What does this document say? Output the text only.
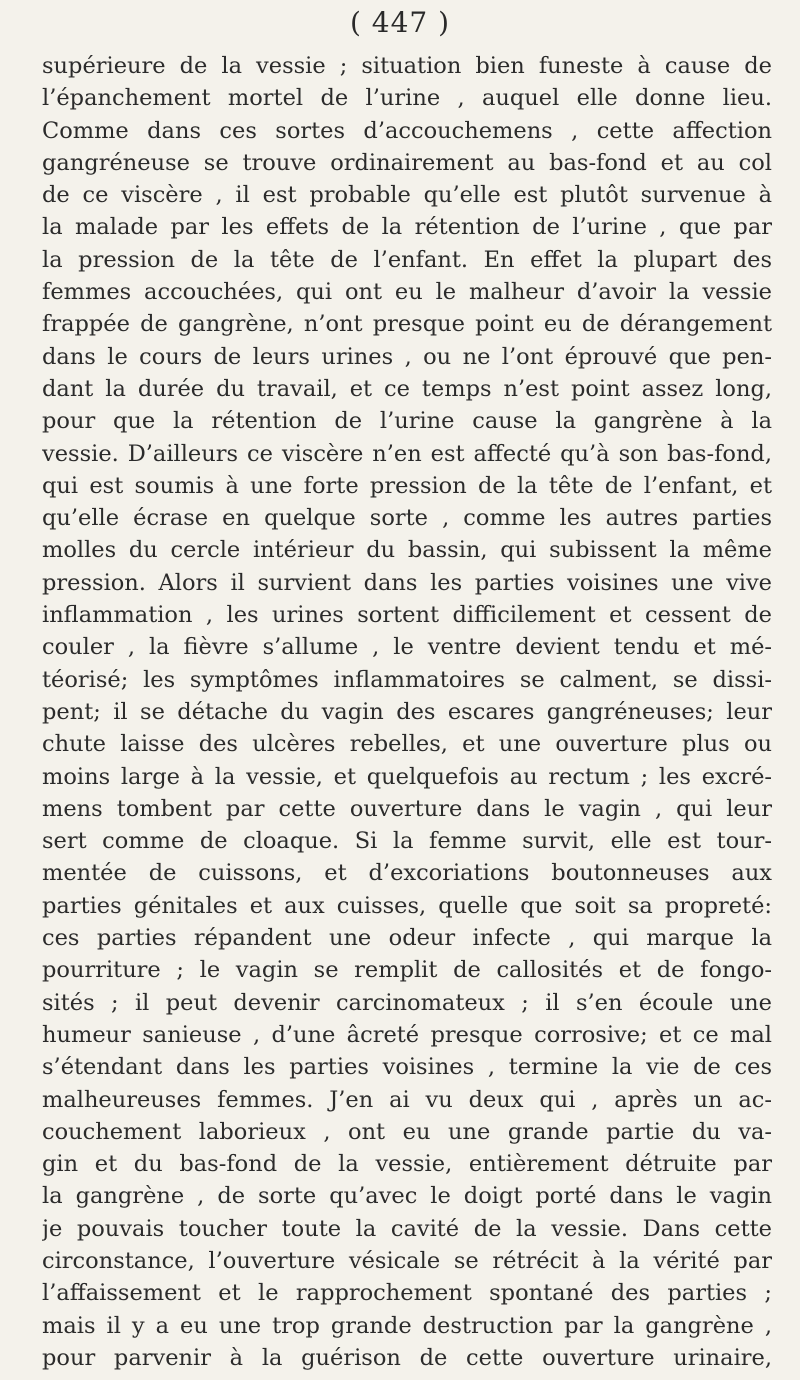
( 447 )
supérieure de la vessie ; situation bien funeste à cause de
l’épanchement mortel de l’urine , auquel elle donne lieu.
Comme dans ces sortes d’accouchemens , cette affection
gangréneuse se trouve ordinairement au bas-fond et au col
de ce viscère , il est probable qu’elle est plutôt survenue à
la malade par les effets de la rétention de l’urine , que par
la pression de la tête de l’enfant. En effet la plupart des
femmes accouchées, qui ont eu le malheur d’avoir la vessie
frappée de gangrène, n’ont presque point eu de dérangement
dans le cours de leurs urines , ou ne l’ont éprouvé que pen-
dant la durée du travail, et ce temps n’est point assez long,
pour que la rétention de l’urine cause la gangrène à la
vessie. D’ailleurs ce viscère n’en est affecté qu’à son bas-fond,
qui est soumis à une forte pression de la tête de l’enfant, et
qu’elle écrase en quelque sorte , comme les autres parties
molles du cercle intérieur du bassin, qui subissent la même
pression. Alors il survient dans les parties voisines une vive
inflammation , les urines sortent difficilement et cessent de
couler , la fièvre s’allume , le ventre devient tendu et mé-
téorisé; les symptômes inflammatoires se calment, se dissi-
pent; il se détache du vagin des escares gangréneuses; leur
chute laisse des ulcères rebelles, et une ouverture plus ou
moins large à la vessie, et quelquefois au rectum ; les excré-
mens tombent par cette ouverture dans le vagin , qui leur
sert comme de cloaque. Si la femme survit, elle est tour-
mentée de cuissons, et d’excoriations boutonneuses aux
parties génitales et aux cuisses, quelle que soit sa propreté:
ces parties répandent une odeur infecte , qui marque la
pourriture ; le vagin se remplit de callosités et de fongo-
sités ; il peut devenir carcinomateux ; il s’en écoule une
humeur sanieuse , d’une âcreté presque corrosive; et ce mal
s’étendant dans les parties voisines , termine la vie de ces
malheureuses femmes. J’en ai vu deux qui , après un ac-
couchement laborieux , ont eu une grande partie du va-
gin et du bas-fond de la vessie, entièrement détruite par
la gangrène , de sorte qu’avec le doigt porté dans le vagin
je pouvais toucher toute la cavité de la vessie. Dans cette
circonstance, l’ouverture vésicale se rétrécit à la vérité par
l’affaissement et le rapprochement spontané des parties ;
mais il y a eu une trop grande destruction par la gangrène ,
pour parvenir à la guérison de cette ouverture urinaire,
